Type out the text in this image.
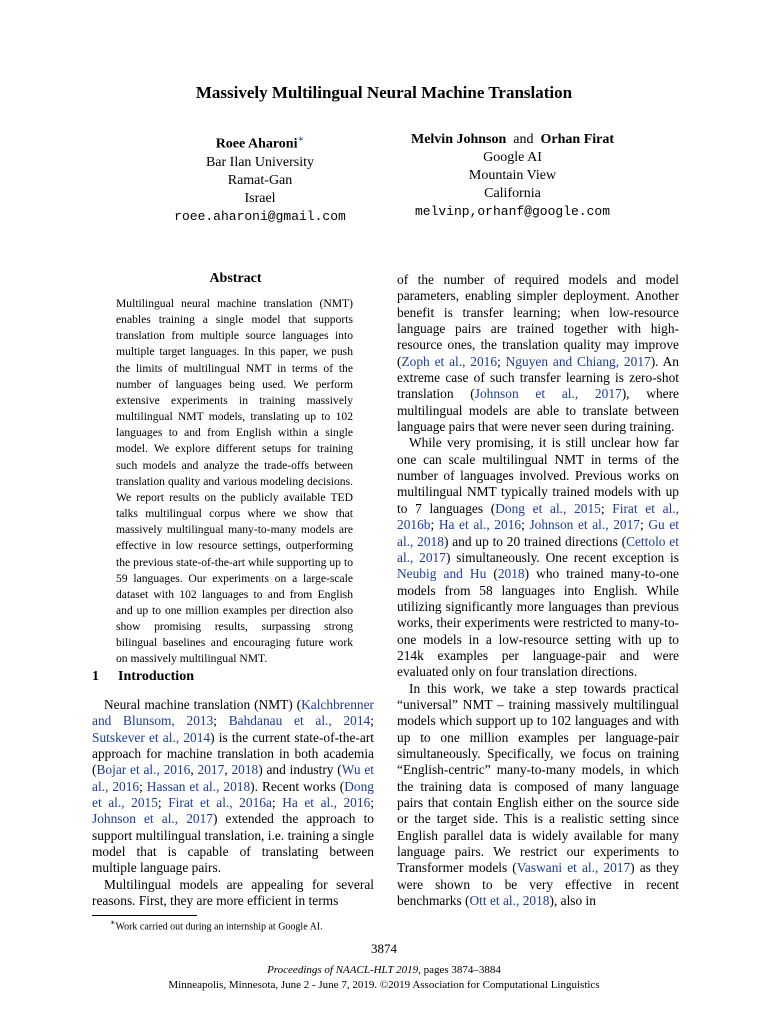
Massively Multilingual Neural Machine Translation
Roee Aharoni∗
Bar Ilan University
Ramat-Gan
Israel
roee.aharoni@gmail.com
Melvin Johnson and Orhan Firat
Google AI
Mountain View
California
melvinp,orhanf@google.com
Abstract
Multilingual neural machine translation (NMT) enables training a single model that supports translation from multiple source languages into multiple target languages. In this paper, we push the limits of multilingual NMT in terms of the number of languages being used. We perform extensive experiments in training massively multilingual NMT models, translating up to 102 languages to and from English within a single model. We explore different setups for training such models and analyze the trade-offs between translation quality and various modeling decisions. We report results on the publicly available TED talks multilingual corpus where we show that massively multilingual many-to-many models are effective in low resource settings, outperforming the previous state-of-the-art while supporting up to 59 languages. Our experiments on a large-scale dataset with 102 languages to and from English and up to one million examples per direction also show promising results, surpassing strong bilingual baselines and encouraging future work on massively multilingual NMT.
1 Introduction

Neural machine translation (NMT) (Kalchbrenner and Blunsom, 2013; Bahdanau et al., 2014; Sutskever et al., 2014) is the current state-of-the-art approach for machine translation in both academia (Bojar et al., 2016, 2017, 2018) and industry (Wu et al., 2016; Hassan et al., 2018). Recent works (Dong et al., 2015; Firat et al., 2016a; Ha et al., 2016; Johnson et al., 2017) extended the approach to support multilingual translation, i.e. training a single model that is capable of translating between multiple language pairs.

Multilingual models are appealing for several reasons. First, they are more efficient in terms

∗Work carried out during an internship at Google AI.

of the number of required models and model parameters, enabling simpler deployment. Another benefit is transfer learning; when low-resource language pairs are trained together with high-resource ones, the translation quality may improve (Zoph et al., 2016; Nguyen and Chiang, 2017). An extreme case of such transfer learning is zero-shot translation (Johnson et al., 2017), where multilingual models are able to translate between language pairs that were never seen during training.

While very promising, it is still unclear how far one can scale multilingual NMT in terms of the number of languages involved. Previous works on multilingual NMT typically trained models with up to 7 languages (Dong et al., 2015; Firat et al., 2016b; Ha et al., 2016; Johnson et al., 2017; Gu et al., 2018) and up to 20 trained directions (Cettolo et al., 2017) simultaneously. One recent exception is Neubig and Hu (2018) who trained many-to-one models from 58 languages into English. While utilizing significantly more languages than previous works, their experiments were restricted to many-to-one models in a low-resource setting with up to 214k examples per language-pair and were evaluated only on four translation directions.

In this work, we take a step towards practical “universal” NMT – training massively multilingual models which support up to 102 languages and with up to one million examples per language-pair simultaneously. Specifically, we focus on training “English-centric” many-to-many models, in which the training data is composed of many language pairs that contain English either on the source side or the target side. This is a realistic setting since English parallel data is widely available for many language pairs. We restrict our experiments to Transformer models (Vaswani et al., 2017) as they were shown to be very effective in recent benchmarks (Ott et al., 2018), also in

3874
Proceedings of NAACL-HLT 2019, pages 3874–3884
Minneapolis, Minnesota, June 2 - June 7, 2019. ©2019 Association for Computational Linguistics
